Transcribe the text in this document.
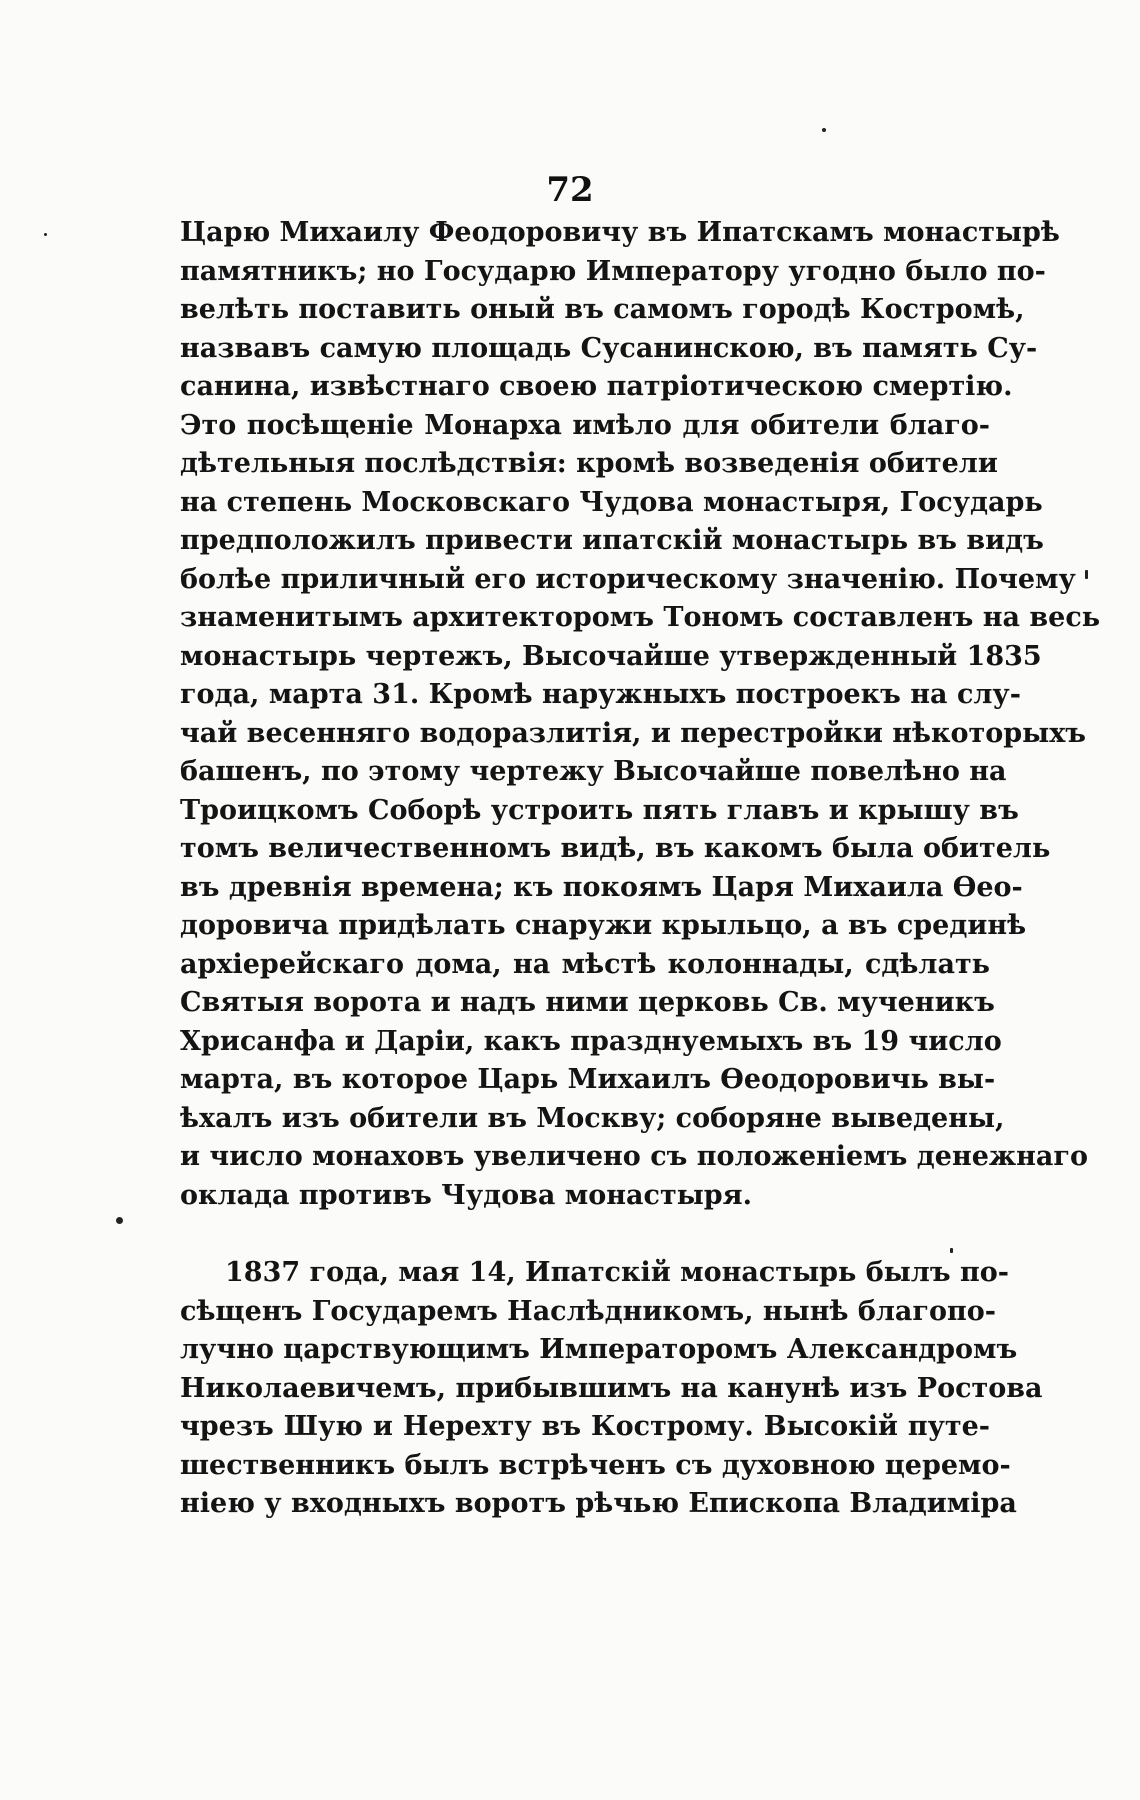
72
Царю Михаилу Феодоровичу въ Ипатскамъ монастырѣ
памятникъ; но Государю Императору угодно было по-
велѣть поставить оный въ самомъ городѣ Костромѣ,
назвавъ самую площадь Сусанинскою, въ память Су-
санина, извѣстнаго своею патріотическою смертію.
Это посѣщеніе Монарха имѣло для обители благо-
дѣтельныя послѣдствія: кромѣ возведенія обители
на степень Московскаго Чудова монастыря, Государь
предположилъ привести ипатскій монастырь въ видъ
болѣе приличный его историческому значенію. Почему
знаменитымъ архитекторомъ Тономъ составленъ на весь
монастырь чертежъ, Высочайше утвержденный 1835
года, марта 31. Кромѣ наружныхъ построекъ на слу-
чай весенняго водоразлитія, и перестройки нѣкоторыхъ
башенъ, по этому чертежу Высочайше повелѣно на
Троицкомъ Соборѣ устроить пять главъ и крышу въ
томъ величественномъ видѣ, въ какомъ была обитель
въ древнія времена; къ покоямъ Царя Михаила Ѳео-
доровича придѣлать снаружи крыльцо, а въ срединѣ
архіерейскаго дома, на мѣстѣ колоннады, сдѣлать
Святыя ворота и надъ ними церковь Св. мученикъ
Хрисанфа и Даріи, какъ празднуемыхъ въ 19 число
марта, въ которое Царь Михаилъ Ѳеодоровичь вы-
ѣхалъ изъ обители въ Москву; соборяне выведены,
и число монаховъ увеличено съ положеніемъ денежнаго
оклада противъ Чудова монастыря.
1837 года, мая 14, Ипатскій монастырь былъ по-
сѣщенъ Государемъ Наслѣдникомъ, нынѣ благопо-
лучно царствующимъ Императоромъ Александромъ
Николаевичемъ, прибывшимъ на канунѣ изъ Ростова
чрезъ Шую и Нерехту въ Кострому. Высокій путе-
шественникъ былъ встрѣченъ съ духовною церемо-
ніею у входныхъ воротъ рѣчью Епископа Владиміра
